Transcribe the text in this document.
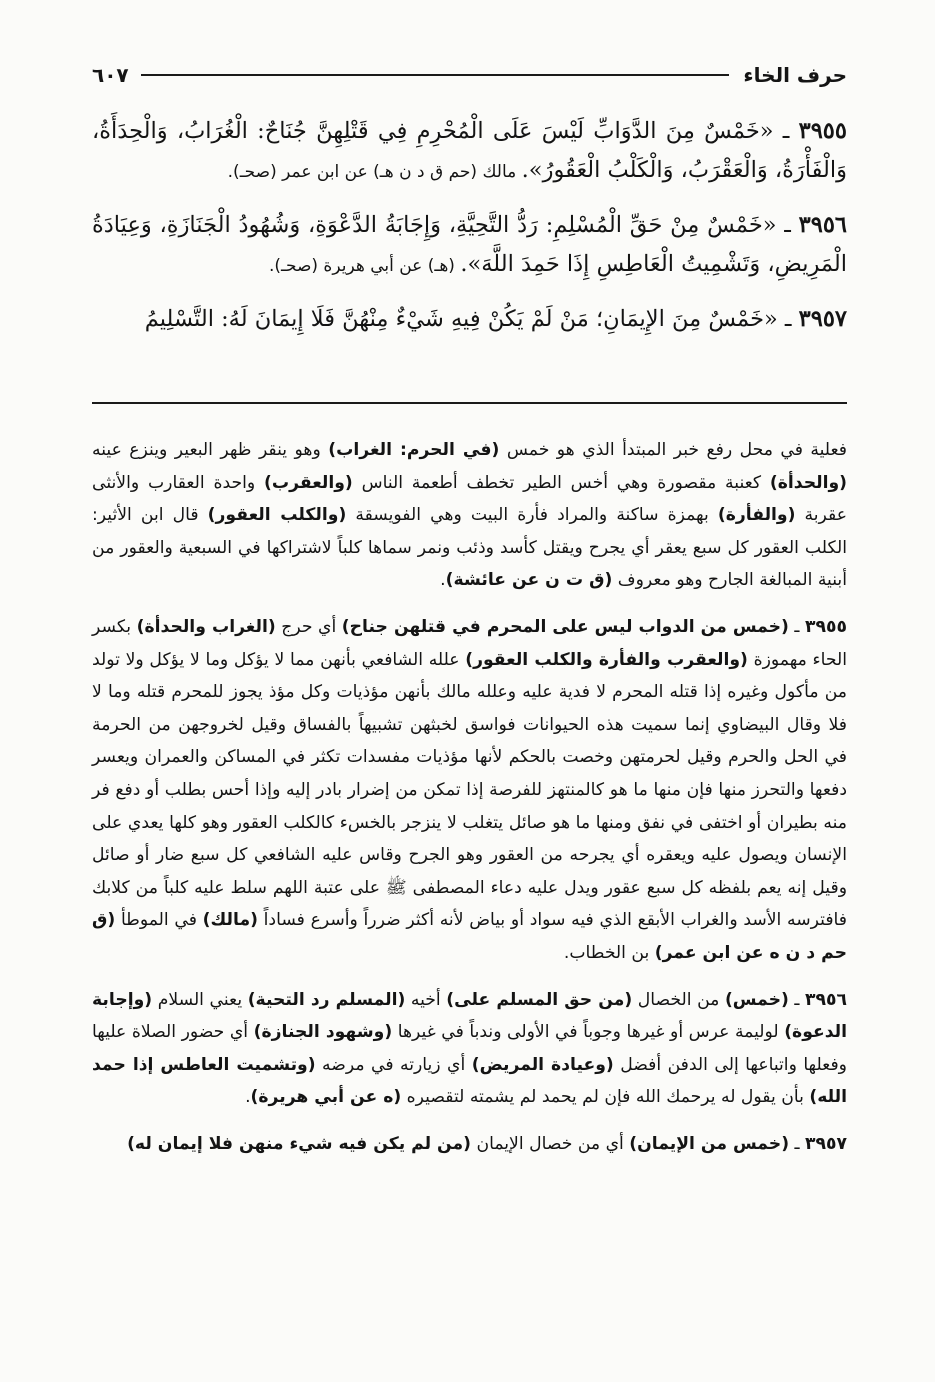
حرف الخاء
٦٠٧

٣٩٥٥ ـ «خَمْسٌ مِنَ الدَّوَابِّ لَيْسَ عَلَى الْمُحْرِمِ فِي قَتْلِهِنَّ جُنَاحٌ: الْغُرَابُ، وَالْحِدَأَةُ، وَالْفَأْرَةُ، وَالْعَقْرَبُ، وَالْكَلْبُ الْعَقُورُ». مالك (حم ق د ن هـ) عن ابن عمر (صحـ).

٣٩٥٦ ـ «خَمْسٌ مِنْ حَقِّ الْمُسْلِمِ: رَدُّ التَّحِيَّةِ، وَإِجَابَةُ الدَّعْوَةِ، وَشُهُودُ الْجَنَازَةِ، وَعِيَادَةُ الْمَرِيضِ، وَتَشْمِيتُ الْعَاطِسِ إِذَا حَمِدَ اللَّهَ». (هـ) عن أبي هريرة (صحـ).

٣٩٥٧ ـ «خَمْسٌ مِنَ الإِيمَانِ؛ مَنْ لَمْ يَكُنْ فِيهِ شَيْءٌ مِنْهُنَّ فَلَا إِيمَانَ لَهُ: التَّسْلِيمُ

فعلية في محل رفع خبر المبتدأ الذي هو خمس (في الحرم: الغراب) وهو ينقر ظهر البعير وينزع عينه (والحدأة) كعنبة مقصورة وهي أخس الطير تخطف أطعمة الناس (والعقرب) واحدة العقارب والأنثى عقربة (والفأرة) بهمزة ساكنة والمراد فأرة البيت وهي الفويسقة (والكلب العقور) قال ابن الأثير: الكلب العقور كل سبع يعقر أي يجرح ويقتل كأسد وذئب ونمر سماها كلباً لاشتراكها في السبعية والعقور من أبنية المبالغة الجارح وهو معروف (ق ت ن عن عائشة).

٣٩٥٥ ـ (خمس من الدواب ليس على المحرم في قتلهن جناح) أي حرج (الغراب والحدأة) بكسر الحاء مهموزة (والعقرب والفأرة والكلب العقور) علله الشافعي بأنهن مما لا يؤكل وما لا يؤكل ولا تولد من مأكول وغيره إذا قتله المحرم لا فدية عليه وعلله مالك بأنهن مؤذيات وكل مؤذ يجوز للمحرم قتله وما لا فلا وقال البيضاوي إنما سميت هذه الحيوانات فواسق لخبثهن تشبيهاً بالفساق وقيل لخروجهن من الحرمة في الحل والحرم وقيل لحرمتهن وخصت بالحكم لأنها مؤذيات مفسدات تكثر في المساكن والعمران ويعسر دفعها والتحرز منها فإن منها ما هو كالمنتهز للفرصة إذا تمكن من إضرار بادر إليه وإذا أحس بطلب أو دفع فر منه بطيران أو اختفى في نفق ومنها ما هو صائل يتغلب لا ينزجر بالخسء كالكلب العقور وهو كلها يعدي على الإنسان ويصول عليه ويعقره أي يجرحه من العقور وهو الجرح وقاس عليه الشافعي كل سبع ضار أو صائل وقيل إنه يعم بلفظه كل سبع عقور ويدل عليه دعاء المصطفى ﷺ على عتبة اللهم سلط عليه كلباً من كلابك فافترسه الأسد والغراب الأبقع الذي فيه سواد أو بياض لأنه أكثر ضرراً وأسرع فساداً (مالك) في الموطأ (ق حم د ن ه عن ابن عمر) بن الخطاب.

٣٩٥٦ ـ (خمس) من الخصال (من حق المسلم على) أخيه (المسلم رد التحية) يعني السلام (وإجابة الدعوة) لوليمة عرس أو غيرها وجوباً في الأولى وندباً في غيرها (وشهود الجنازة) أي حضور الصلاة عليها وفعلها واتباعها إلى الدفن أفضل (وعيادة المريض) أي زيارته في مرضه (وتشميت العاطس إذا حمد الله) بأن يقول له يرحمك الله فإن لم يحمد لم يشمته لتقصيره (ه عن أبي هريرة).

٣٩٥٧ ـ (خمس من الإيمان) أي من خصال الإيمان (من لم يكن فيه شيء منهن فلا إيمان له)
